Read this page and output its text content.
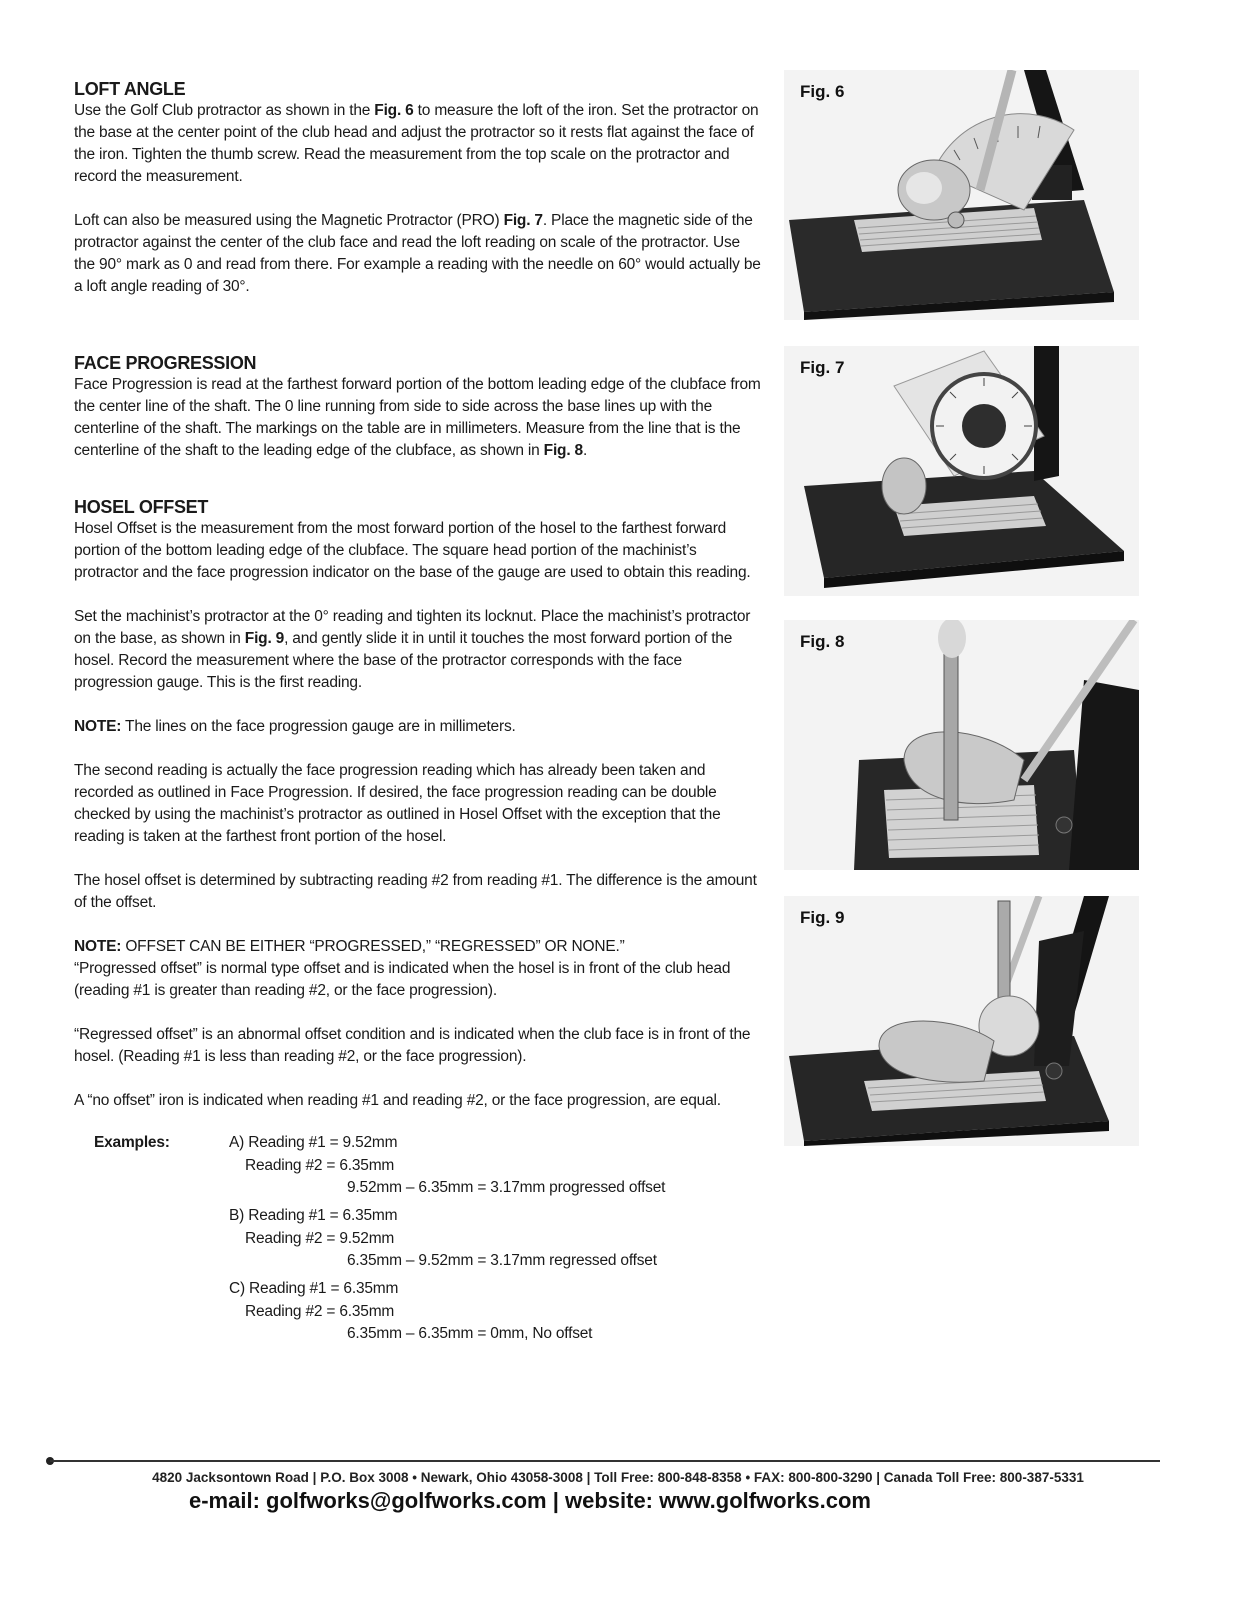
LOFT ANGLE

Use the Golf Club protractor as shown in the Fig. 6 to measure the loft of the iron. Set the protractor on the base at the center point of the club head and adjust the protractor so it rests flat against the face of the iron. Tighten the thumb screw. Read the measurement from the top scale on the protractor and record the measurement.

Loft can also be measured using the Magnetic Protractor (PRO) Fig. 7. Place the magnetic side of the protractor against the center of the club face and read the loft reading on scale of the protractor. Use the 90° mark as 0 and read from there. For example a reading with the needle on 60° would actually be a loft angle reading of 30°.

FACE PROGRESSION

Face Progression is read at the farthest forward portion of the bottom leading edge of the clubface from the center line of the shaft. The 0 line running from side to side across the base lines up with the centerline of the shaft. The markings on the table are in millimeters. Measure from the line that is the centerline of the shaft to the leading edge of the clubface, as shown in Fig. 8.

HOSEL OFFSET

Hosel Offset is the measurement from the most forward portion of the hosel to the farthest forward portion of the bottom leading edge of the clubface. The square head portion of the machinist’s protractor and the face progression indicator on the base of the gauge are used to obtain this reading.

Set the machinist’s protractor at the 0° reading and tighten its locknut. Place the machinist’s protractor on the base, as shown in Fig. 9, and gently slide it in until it touches the most forward portion of the hosel. Record the measurement where the base of the protractor corresponds with the face progression gauge. This is the first reading.

NOTE: The lines on the face progression gauge are in millimeters.

The second reading is actually the face progression reading which has already been taken and recorded as outlined in Face Progression. If desired, the face progression reading can be double checked by using the machinist’s protractor as outlined in Hosel Offset with the exception that the reading is taken at the farthest front portion of the hosel.

The hosel offset is determined by subtracting reading #2 from reading #1. The difference is the amount of the offset.

NOTE: OFFSET CAN BE EITHER “PROGRESSED,” “REGRESSED” OR NONE.”

“Progressed offset” is normal type offset and is indicated when the hosel is in front of the club head (reading #1 is greater than reading #2, or the face progression).

“Regressed offset” is an abnormal offset condition and is indicated when the club face is in front of the hosel. (Reading #1 is less than reading #2, or the face progression).

A “no offset” iron is indicated when reading #1 and reading #2, or the face progression, are equal.

Examples:	A) Reading #1 = 9.52mm
Reading #2 = 6.35mm
9.52mm – 6.35mm = 3.17mm progressed offset
B) Reading #1 = 6.35mm
Reading #2 = 9.52mm
6.35mm – 9.52mm = 3.17mm regressed offset
C) Reading #1 = 6.35mm
Reading #2 = 6.35mm
6.35mm – 6.35mm = 0mm, No offset
Fig. 6
Fig. 7
Fig. 8
Fig. 9
4820 Jacksontown Road | P.O. Box 3008 • Newark, Ohio 43058-3008 | Toll Free: 800-848-8358 • FAX: 800-800-3290 | Canada Toll Free: 800-387-5331
e-mail: golfworks@golfworks.com | website: www.golfworks.com
